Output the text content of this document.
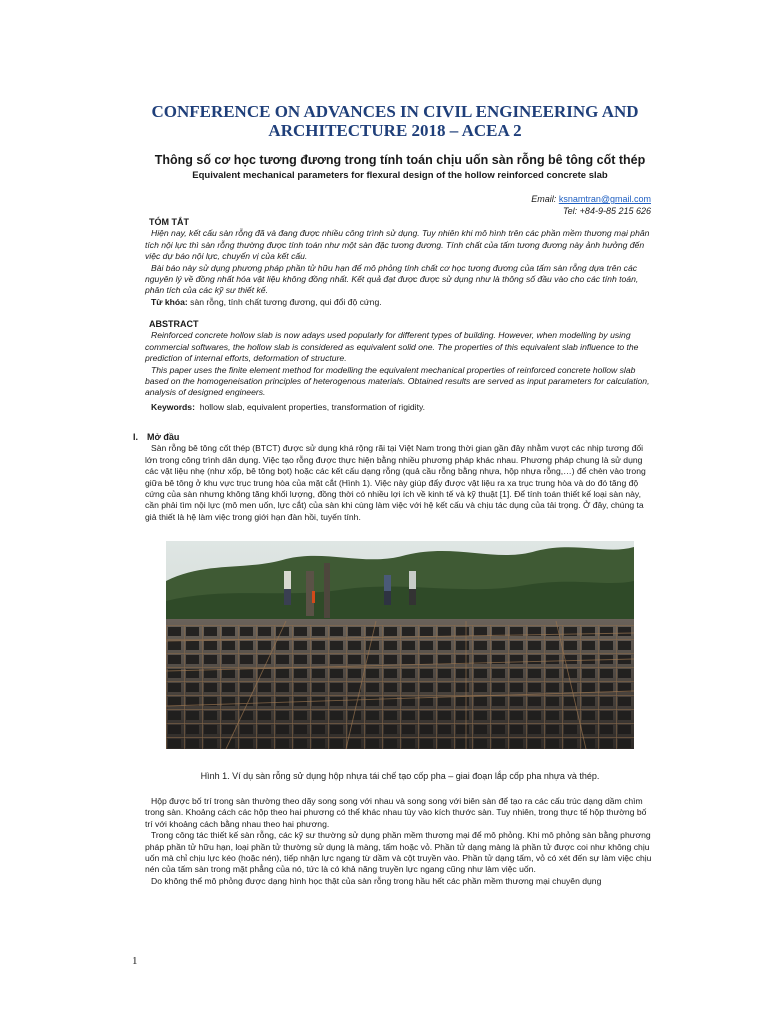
CONFERENCE ON ADVANCES IN CIVIL ENGINEERING AND
ARCHITECTURE 2018 – ACEA 2
Thông số cơ học tương đương trong tính toán chịu uốn sàn rỗng bê tông cốt thép
Equivalent mechanical parameters for flexural design of the hollow reinforced concrete slab
Email: ksnamtran@gmail.com
Tel: +84-9-85 215 626

TÓM TẮT

Hiện nay, kết cấu sàn rỗng đã và đang được nhiều công trình sử dụng. Tuy nhiên khi mô hình trên các phần mềm thương mại phân tích nội lực thì sàn rỗng thường được tính toán như một sàn đặc tương đương. Tính chất của tấm tương đương này ảnh hưởng đến việc dự báo nội lực, chuyển vị của kết cấu.

Bài báo này sử dụng phương pháp phần tử hữu hạn để mô phỏng tính chất cơ học tương đương của tấm sàn rỗng dựa trên các nguyên lý về đồng nhất hóa vật liệu không đồng nhất. Kết quả đạt được được sử dụng như là thông số đầu vào cho các tính toán, phân tích của các kỹ sư thiết kế.

Từ khóa: sàn rỗng, tính chất tương đương, qui đổi độ cứng.

ABSTRACT

Reinforced concrete hollow slab is now adays used popularly for different types of building. However, when modelling by using commercial softwares, the hollow slab is considered as equivalent solid one. The properties of this equivalent slab influence to the prediction of internal efforts, deformation of structure.

This paper uses the finite element method for modelling the equivalent mechanical properties of reinforced concrete hollow slab based on the homogeneisation principles of heterogenous materials. Obtained results are served as input parameters for calculation, analysis of designed engineers.

Keywords: hollow slab, equivalent properties, transformation of rigidity.

I. Mở đầu

Sàn rỗng bê tông cốt thép (BTCT) được sử dụng khá rộng rãi tại Việt Nam trong thời gian gần đây nhằm vượt các nhịp tương đối lớn trong công trình dân dụng. Việc tạo rỗng được thực hiện bằng nhiều phương pháp khác nhau. Phương pháp chung là sử dụng các vật liệu nhẹ (như xốp, bê tông bọt) hoặc các kết cấu dạng rỗng (quả cầu rỗng bằng nhựa, hộp nhựa rỗng,…) để chèn vào trong giữa bê tông ở khu vực trục trung hòa của mặt cắt (Hình 1). Việc này giúp đẩy được vật liệu ra xa trục trung hòa và do đó tăng độ cứng của sàn nhưng không tăng khối lượng, đồng thời có nhiều lợi ích về kinh tế và kỹ thuật [1]. Để tính toán thiết kế loại sàn này, cần phải tìm nội lực (mô men uốn, lực cắt) của sàn khi cùng làm việc với hệ kết cấu và chịu tác dụng của tải trọng. Ở đây, chúng ta giả thiết là hệ làm việc trong giới hạn đàn hồi, tuyến tính.

Hình 1. Ví dụ sàn rỗng sử dụng hộp nhựa tái chế tạo cốp pha – giai đoạn lắp cốp pha nhựa và thép.

Hộp được bố trí trong sàn thường theo dãy song song với nhau và song song với biên sàn để tạo ra các cấu trúc dạng dầm chìm trong sàn. Khoảng cách các hộp theo hai phương có thể khác nhau tùy vào kích thước sàn. Tuy nhiên, trong thực tế hộp thường bố trí với khoảng cách bằng nhau theo hai phương.

Trong công tác thiết kế sàn rỗng, các kỹ sư thường sử dụng phần mềm thương mại để mô phỏng. Khi mô phỏng sàn bằng phương pháp phần tử hữu hạn, loại phần tử thường sử dụng là màng, tấm hoặc vỏ. Phần tử dạng màng là phần tử được coi như không chịu uốn mà chỉ chịu lực kéo (hoặc nén), tiếp nhận lực ngang từ dầm và cột truyền vào. Phần tử dạng tấm, vỏ có xét đến sự làm việc chịu nén của tấm sàn trong mặt phẳng của nó, tức là có khả năng truyền lực ngang cũng như làm việc uốn.

Do không thể mô phỏng được dạng hình học thật của sàn rỗng trong hầu hết các phần mềm thương mại chuyên dụng

1
